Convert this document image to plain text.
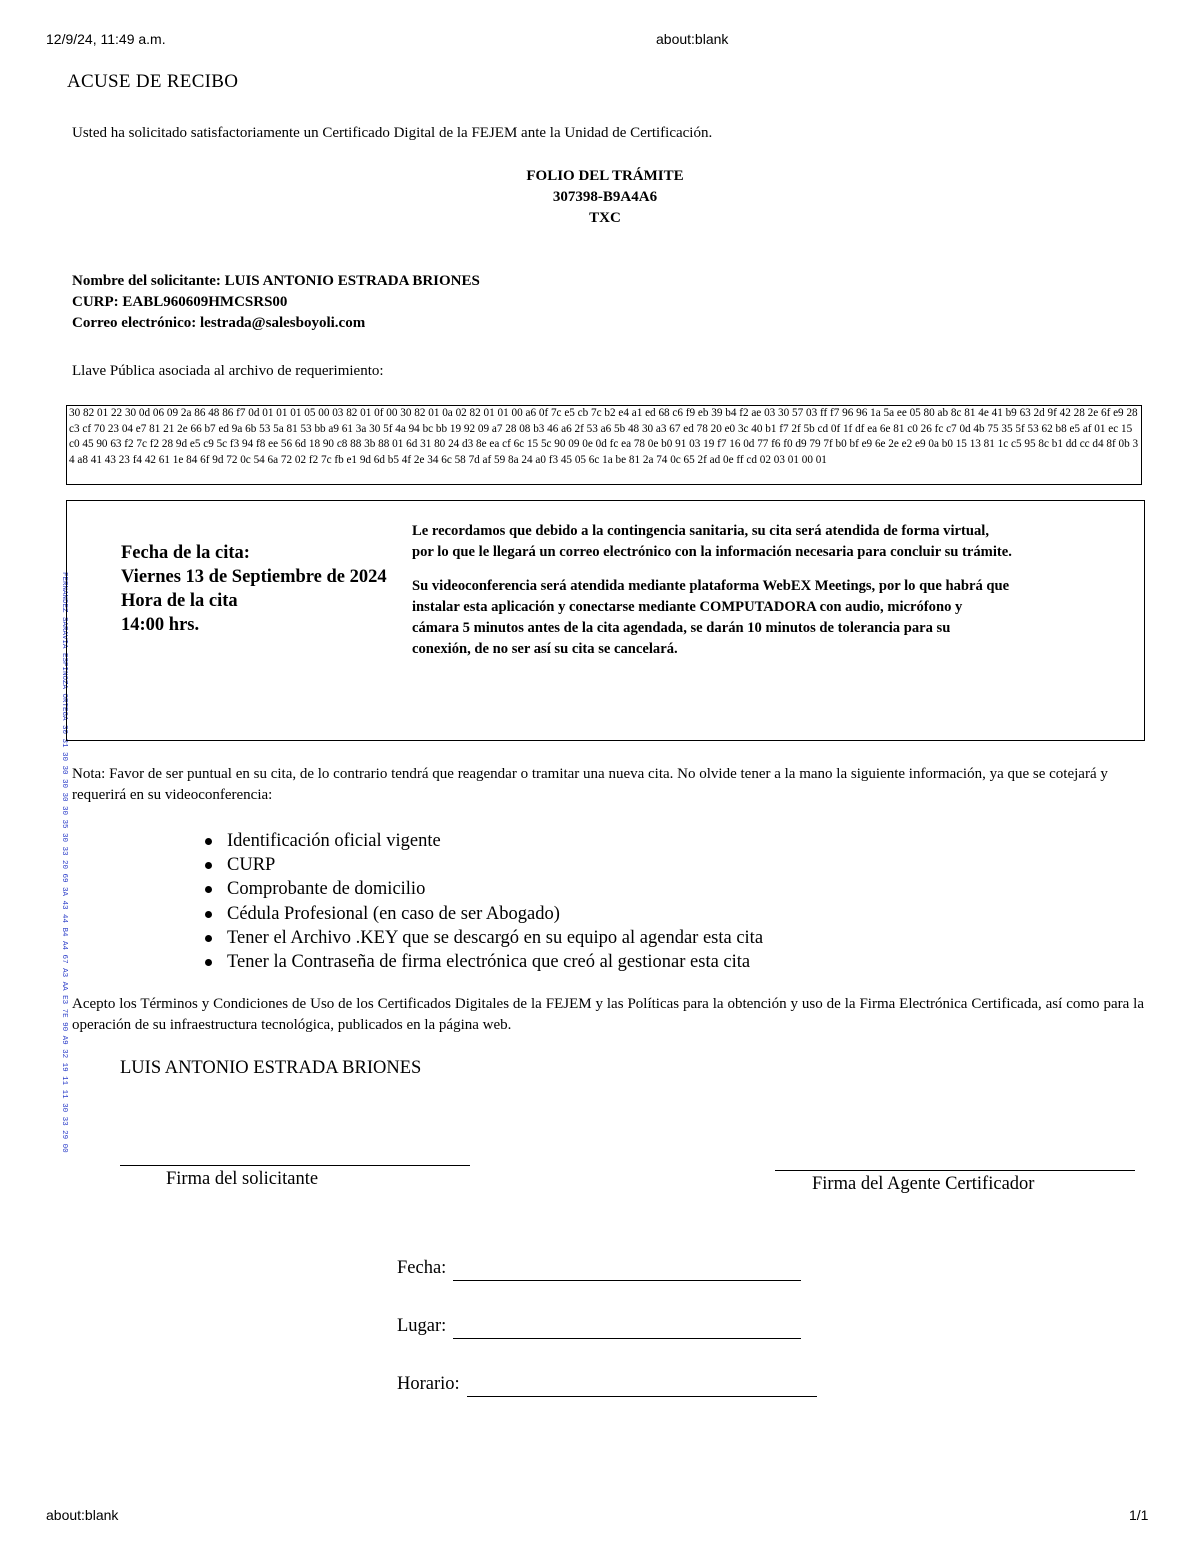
12/9/24, 11:49 a.m.	about:blank
ACUSE DE RECIBO
Usted ha solicitado satisfactoriamente un Certificado Digital de la FEJEM ante la Unidad de Certificación.
FOLIO DEL TRÁMITE
307398-B9A4A6
TXC
Nombre del solicitante: LUIS ANTONIO ESTRADA BRIONES
CURP: EABL960609HMCSRS00
Correo electrónico: lestrada@salesboyoli.com
Llave Pública asociada al archivo de requerimiento:
30 82 01 22 30 0d 06 09 2a 86 48 86 f7 0d 01 01 01 05 00 03 82 01 0f 00 30 82 01 0a 02 82 01 01 00 a6 0f 7c e5 cb 7c b2 e4 a1 ed 68 c6 f9 eb 39 b4 f2 ae 03 30 57 03 ff f7 96 96 1a 5a ee 05 80 ab 8c 81 4e 41 b9 63 2d 9f 42 28 2e 6f e9 28 c3 cf 70 23 04 e7 81 21 2e 66 b7 ed 9a 6b 53 5a 81 53 bb a9 61 3a 30 5f 4a 94 bc bb 19 92 09 a7 28 08 b3 46 a6 2f 53 a6 5b 48 30 a3 67 ed 78 20 e0 3c 40 b1 f7 2f 5b cd 0f 1f df ea 6e 81 c0 26 fc c7 0d 4b 75 35 5f 53 62 b8 e5 af 01 ec 15 c0 45 90 63 f2 7c f2 28 9d e5 c9 5c f3 94 f8 ee 56 6d 18 90 c8 88 3b 88 01 6d 31 80 24 d3 8e ea cf 6c 15 5c 90 09 0e 0d fc ea 78 0e b0 91 03 19 f7 16 0d 77 f6 f0 d9 79 7f b0 bf e9 6e 2e e2 e9 0a b0 15 13 81 1c c5 95 8c b1 dd cc d4 8f 0b 34 a8 41 43 23 f4 42 61 1e 84 6f 9d 72 0c 54 6a 72 02 f2 7c fb e1 9d 6d b5 4f 2e 34 6c 58 7d af 59 8a 24 a0 f3 45 05 6c 1a be 81 2a 74 0c 65 2f ad 0e ff cd 02 03 01 00 01
FERNANDEZ SARAVIA ESPINOZA ORTEGA 30 31 30 30 30 30 30 35 30 33 20 69 3A 43 44 B4 A4 67 A3 AA E3 7E 90 A9 32 19 11 11 30 33 29 00
Fecha de la cita:
Viernes 13 de Septiembre de 2024
Hora de la cita
14:00 hrs.

Le recordamos que debido a la contingencia sanitaria, su cita será atendida de forma virtual, por lo que le llegará un correo electrónico con la información necesaria para concluir su trámite.

Su videoconferencia será atendida mediante plataforma WebEX Meetings, por lo que habrá que instalar esta aplicación y conectarse mediante COMPUTADORA con audio, micrófono y cámara 5 minutos antes de la cita agendada, se darán 10 minutos de tolerancia para su conexión, de no ser así su cita se cancelará.

Nota: Favor de ser puntual en su cita, de lo contrario tendrá que reagendar o tramitar una nueva cita. No olvide tener a la mano la siguiente información, ya que se cotejará y requerirá en su videoconferencia:
Identificación oficial vigente
CURP
Comprobante de domicilio
Cédula Profesional (en caso de ser Abogado)
Tener el Archivo .KEY que se descargó en su equipo al agendar esta cita
Tener la Contraseña de firma electrónica que creó al gestionar esta cita
Acepto los Términos y Condiciones de Uso de los Certificados Digitales de la FEJEM y las Políticas para la obtención y uso de la Firma Electrónica Certificada, así como para la operación de su infraestructura tecnológica, publicados en la página web.
LUIS ANTONIO ESTRADA BRIONES
Firma del solicitante	Firma del Agente Certificador
Fecha:
Lugar:
Horario:
about:blank	1/1
